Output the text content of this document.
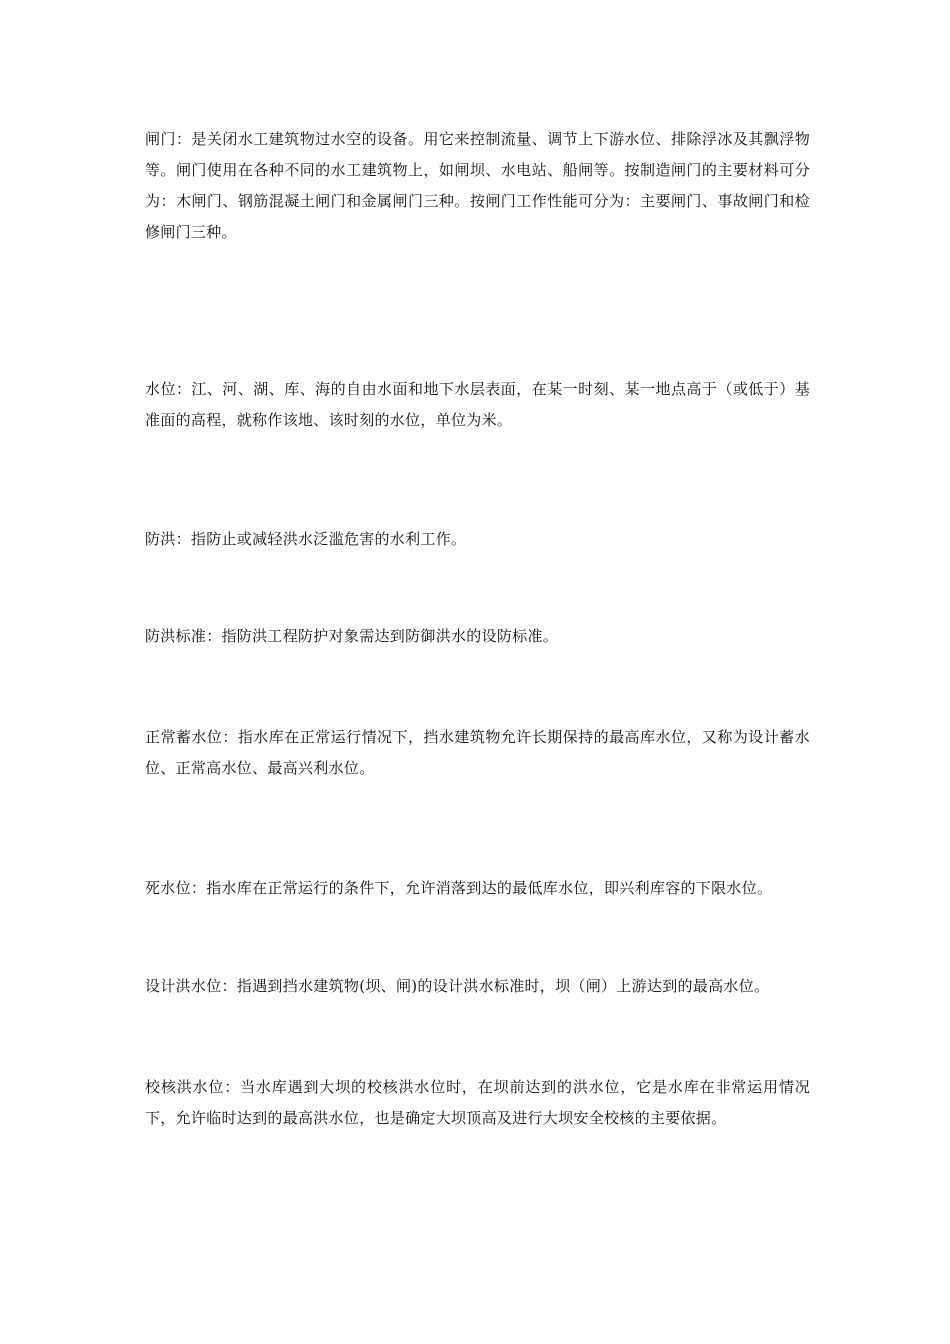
闸门：是关闭水工建筑物过水空的设备。用它来控制流量、调节上下游水位、排除浮冰及其飘浮物等。闸门使用在各种不同的水工建筑物上，如闸坝、水电站、船闸等。按制造闸门的主要材料可分为：木闸门、钢筋混凝土闸门和金属闸门三种。按闸门工作性能可分为：主要闸门、事故闸门和检修闸门三种。

水位：江、河、湖、库、海的自由水面和地下水层表面，在某一时刻、某一地点高于（或低于）基准面的高程，就称作该地、该时刻的水位，单位为米。

防洪：指防止或减轻洪水泛滥危害的水利工作。

防洪标准：指防洪工程防护对象需达到防御洪水的设防标准。

正常蓄水位：指水库在正常运行情况下，挡水建筑物允许长期保持的最高库水位，又称为设计蓄水位、正常高水位、最高兴利水位。

死水位：指水库在正常运行的条件下，允许消落到达的最低库水位，即兴利库容的下限水位。

设计洪水位：指遇到挡水建筑物(坝、闸)的设计洪水标准时，坝（闸）上游达到的最高水位。

校核洪水位：当水库遇到大坝的校核洪水位时，在坝前达到的洪水位，它是水库在非常运用情况下，允许临时达到的最高洪水位，也是确定大坝顶高及进行大坝安全校核的主要依据。
